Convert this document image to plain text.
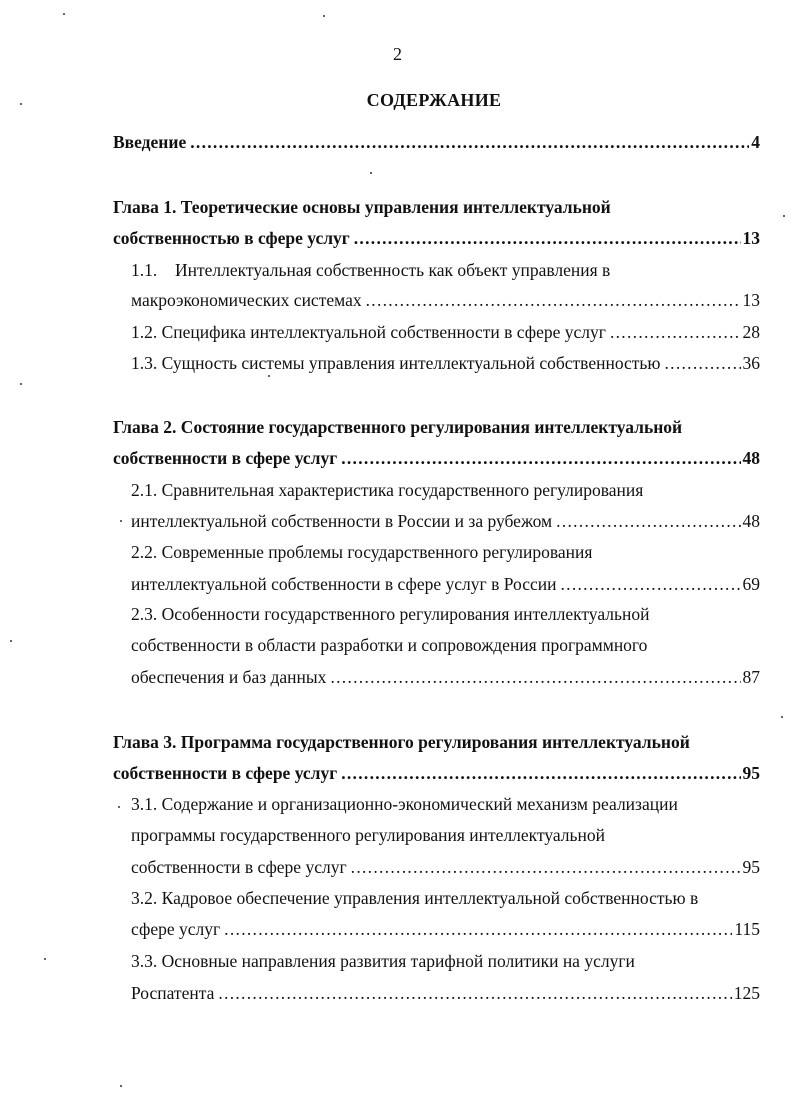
2
СОДЕРЖАНИЕ
Введение .....	4
Глава 1. Теоретические основы управления интеллектуальной
собственностью в сфере услуг .....	13
1.1. Интеллектуальная собственность как объект управления в
макроэкономических системах .....	13
1.2. Специфика интеллектуальной собственности в сфере услуг .....	28
1.3. Сущность системы управления интеллектуальной собственностью .....	36
Глава 2. Состояние государственного регулирования интеллектуальной
собственности в сфере услуг .....	48
2.1. Сравнительная характеристика государственного регулирования
интеллектуальной собственности в России и за рубежом .....	48
2.2. Современные проблемы государственного регулирования
интеллектуальной собственности в сфере услуг в России .....	69
2.3. Особенности государственного регулирования интеллектуальной
собственности в области разработки и сопровождения программного
обеспечения и баз данных .....	87
Глава 3. Программа государственного регулирования интеллектуальной
собственности в сфере услуг .....	95
3.1. Содержание и организационно-экономический механизм реализации
программы государственного регулирования интеллектуальной
собственности в сфере услуг .....	95
3.2. Кадровое обеспечение управления интеллектуальной собственностью в
сфере услуг .....	115
3.3. Основные направления развития тарифной политики на услуги
Роспатента .....	125
